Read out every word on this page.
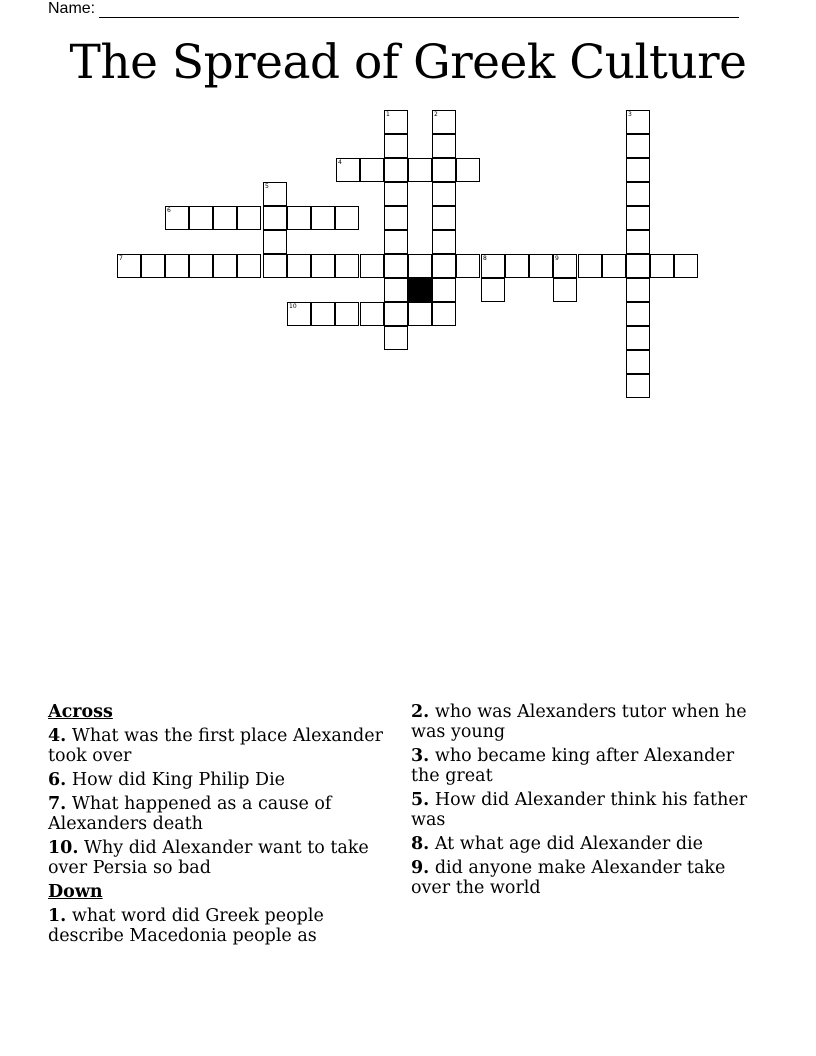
Name:
The Spread of Greek Culture
1	2	3
4
5
6
7	8	9
10
Across
4. What was the first place Alexander took over
6. How did King Philip Die
7. What happened as a cause of Alexanders death
10. Why did Alexander want to take over Persia so bad
Down
1. what word did Greek people describe Macedonia people as
2. who was Alexanders tutor when he was young
3. who became king after Alexander the great
5. How did Alexander think his father was
8. At what age did Alexander die
9. did anyone make Alexander take over the world
